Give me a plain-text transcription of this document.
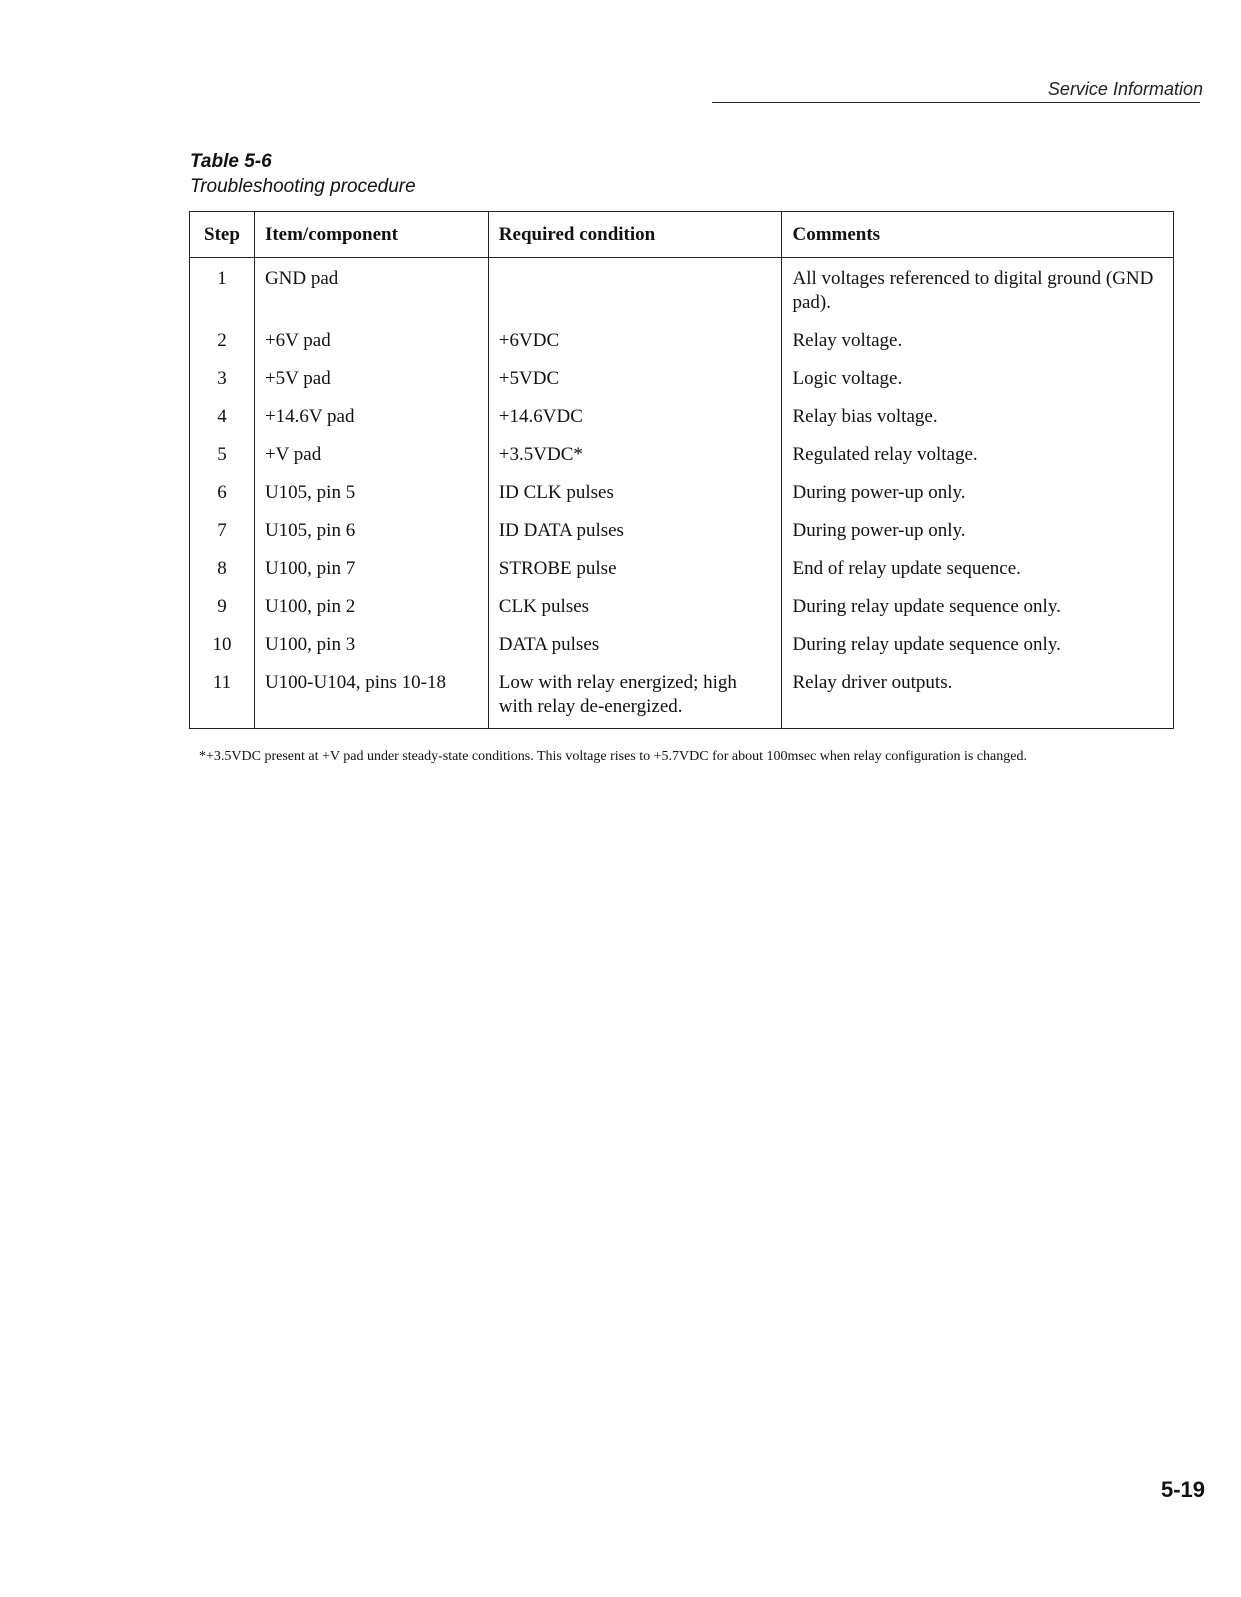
Service Information
Table 5-6
Troubleshooting procedure
Step	Item/component	Required condition	Comments
1	GND pad		All voltages referenced to digital ground (GND pad).
2	+6V pad	+6VDC	Relay voltage.
3	+5V pad	+5VDC	Logic voltage.
4	+14.6V pad	+14.6VDC	Relay bias voltage.
5	+V pad	+3.5VDC*	Regulated relay voltage.
6	U105, pin 5	ID CLK pulses	During power-up only.
7	U105, pin 6	ID DATA pulses	During power-up only.
8	U100, pin 7	STROBE pulse	End of relay update sequence.
9	U100, pin 2	CLK pulses	During relay update sequence only.
10	U100, pin 3	DATA pulses	During relay update sequence only.
11	U100-U104, pins 10-18	Low with relay energized; high with relay de-energized.	Relay driver outputs.
*+3.5VDC present at +V pad under steady-state conditions. This voltage rises to +5.7VDC for about 100msec when relay configuration is changed.
5-19
